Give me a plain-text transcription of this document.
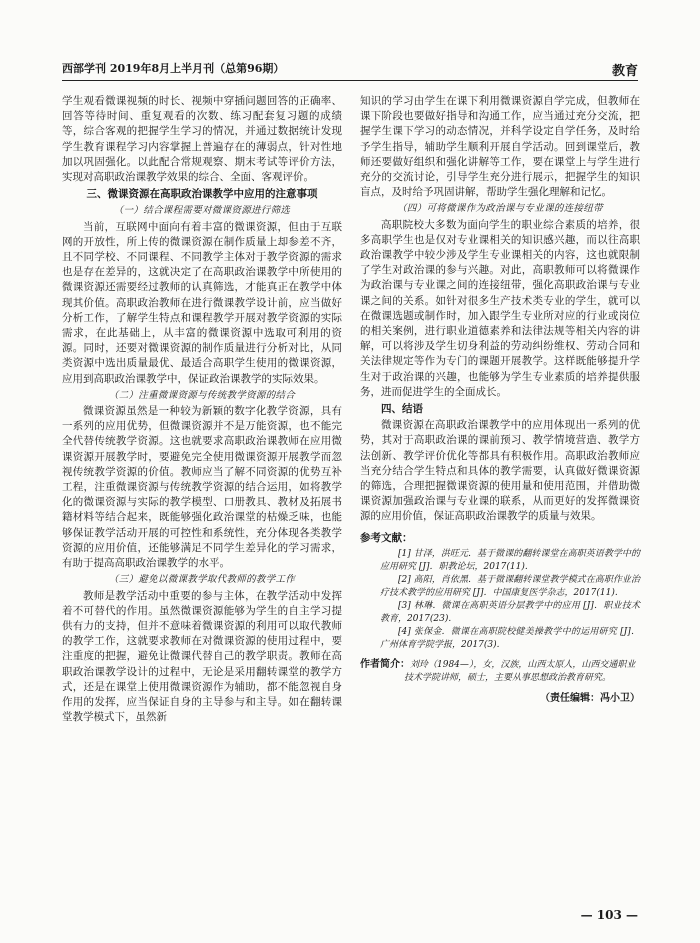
西部学刊 2019年8月上半月刊（总第96期）	教育

学生观看微课视频的时长、视频中穿插问题回答的正确率、回答等待时间、重复观看的次数、练习配套复习题的成绩等，综合客观的把握学生学习的情况，并通过数据统计发现学生教育课程学习内容掌握上普遍存在的薄弱点，针对性地加以巩固强化。以此配合常规观察、期末考试等评价方法，实现对高职政治课教学效果的综合、全面、客观评价。

三、微课资源在高职政治课教学中应用的注意事项
（一）结合课程需要对微课资源进行筛选

当前，互联网中面向有着丰富的微课资源，但由于互联网的开放性，所上传的微课资源在制作质量上却参差不齐，且不同学校、不同课程、不同教学主体对于教学资源的需求也是存在差异的，这就决定了在高职政治课教学中所使用的微课资源还需要经过教师的认真筛选，才能真正在教学中体现其价值。高职政治教师在进行微课教学设计前，应当做好分析工作，了解学生特点和课程教学开展对教学资源的实际需求，在此基础上，从丰富的微课资源中选取可利用的资源。同时，还要对微课资源的制作质量进行分析对比，从同类资源中选出质量最优、最适合高职学生使用的微课资源，应用到高职政治课教学中，保证政治课教学的实际效果。

（二）注重微课资源与传统教学资源的结合

微课资源虽然是一种较为新颖的数字化教学资源，具有一系列的应用优势，但微课资源并不是万能资源，也不能完全代替传统教学资源。这也就要求高职政治课教师在应用微课资源开展教学时，要避免完全使用微课资源开展教学而忽视传统教学资源的价值。教师应当了解不同资源的优势互补工程，注重微课资源与传统教学资源的结合运用，如将教学化的微课资源与实际的教学模型、口册教具、教材及拓展书籍材料等结合起来，既能够强化政治课堂的枯燥乏味，也能够保证教学活动开展的可控性和系统性，充分体现各类教学资源的应用价值，还能够满足不同学生差异化的学习需求，有助于提高高职政治课教学的水平。

（三）避免以微课教学取代教师的教学工作

教师是教学活动中重要的参与主体，在教学活动中发挥着不可替代的作用。虽然微课资源能够为学生的自主学习提供有力的支持，但并不意味着微课资源的利用可以取代教师的教学工作，这就要求教师在对微课资源的使用过程中，要注重度的把握，避免让微课代替自己的教学职责。教师在高职政治课教学设计的过程中，无论是采用翻转课堂的教学方式，还是在课堂上使用微课资源作为辅助，都不能忽视自身作用的发挥，应当保证自身的主导参与和主导。如在翻转课堂教学模式下，虽然新

知识的学习由学生在课下利用微课资源自学完成，但教师在课下阶段也要做好指导和沟通工作，应当通过充分交流，把握学生课下学习的动态情况，并科学设定自学任务，及时给予学生指导，辅助学生顺利开展自学活动。回到课堂后，教师还要做好组织和强化讲解等工作，要在课堂上与学生进行充分的交流讨论，引导学生充分进行展示，把握学生的知识盲点，及时给予巩固讲解，帮助学生强化理解和记忆。

（四）可将微课作为政治课与专业课的连接纽带

高职院校大多数为面向学生的职业综合素质的培养，很多高职学生也是仅对专业课相关的知识感兴趣，而以往高职政治课教学中较少涉及学生专业课相关的内容，这也就限制了学生对政治课的参与兴趣。对此，高职教师可以将微课作为政治课与专业课之间的连接纽带，强化高职政治课与专业课之间的关系。如针对很多生产技术类专业的学生，就可以在微课选题或制作时，加入跟学生专业所对应的行业或岗位的相关案例，进行职业道德素养和法律法规等相关内容的讲解，可以将涉及学生切身利益的劳动纠纷维权、劳动合同和关法律规定等作为专门的课题开展教学。这样既能够提升学生对于政治课的兴趣，也能够为学生专业素质的培养提供服务，进而促进学生的全面成长。

四、结语

微课资源在高职政治课教学中的应用体现出一系列的优势，其对于高职政治课的课前预习、教学情境营造、教学方法创新、教学评价优化等都具有积极作用。高职政治教师应当充分结合学生特点和具体的教学需要，认真做好微课资源的筛选，合理把握微课资源的使用量和使用范围，并借助微课资源加强政治课与专业课的联系，从而更好的发挥微课资源的应用价值，保证高职政治课教学的质量与效果。

参考文献：

[1] 甘泽，洪旺元．基于微课的翻转课堂在高职英语教学中的应用研究 [J]．职教论坛，2017(11).

[2] 高阳，肖依黑．基于微课翻转课堂教学模式在高职作业治疗技术教学的应用研究 [J]．中国康复医学杂志，2017(11).

[3] 林琳．微课在高职英语分层教学中的应用 [J]．职业技术教育，2017(23).

[4] 张保金．微课在高职院校健美操教学中的运用研究 [J]．广州体育学院学报，2017(3).

作者简介：刘玲（1984—），女，汉族，山西太原人，山西交通职业技术学院讲师，硕士，主要从事思想政治教育研究。
（责任编辑：冯小卫）
— 103 —
